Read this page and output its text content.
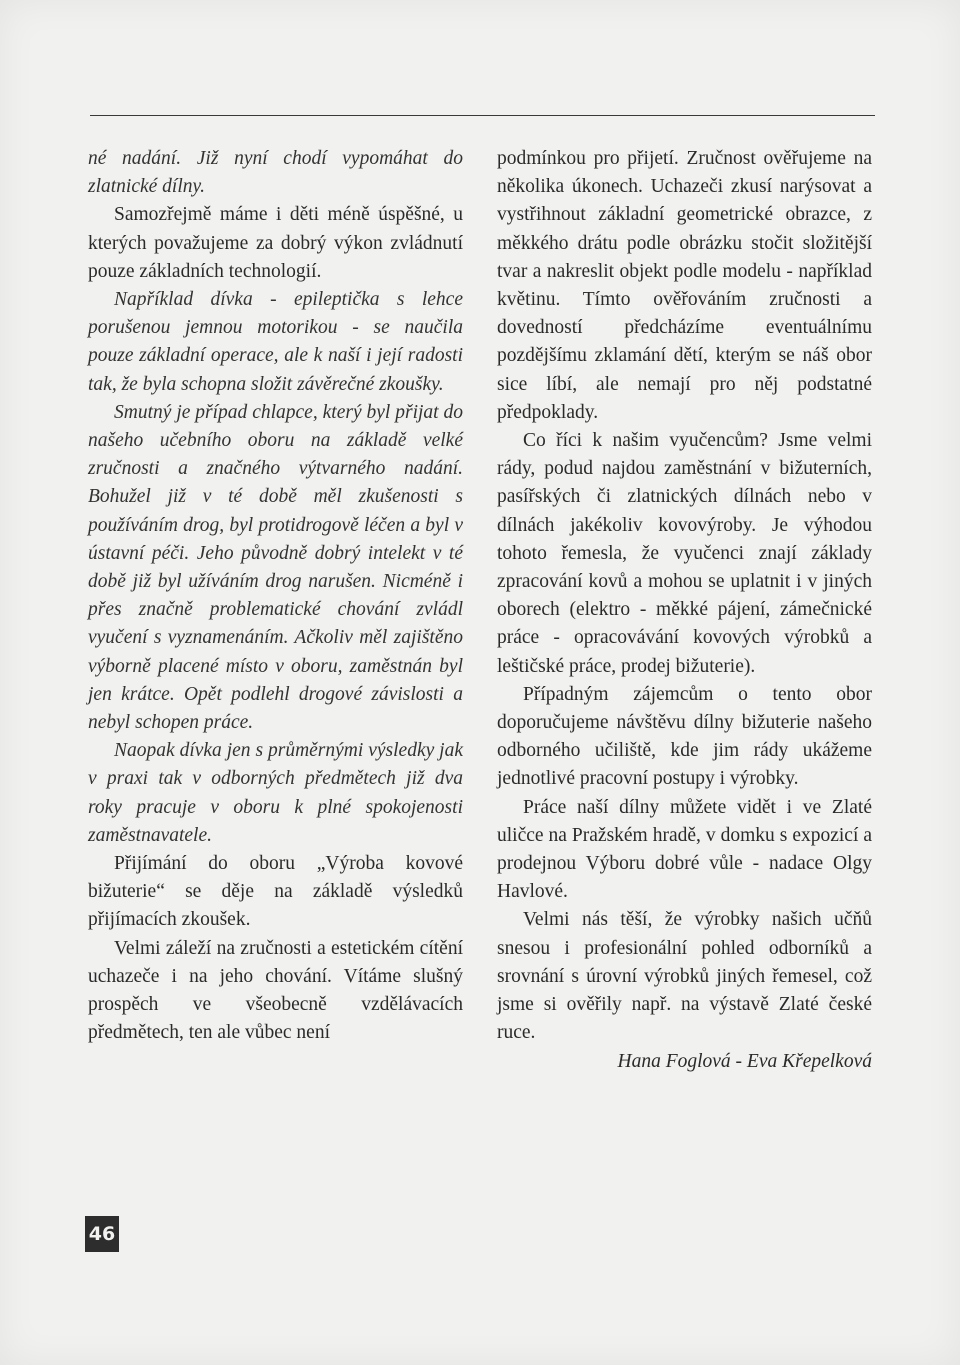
né nadání. Již nyní chodí vypomáhat do zlatnické dílny.

Samozřejmě máme i děti méně úspěšné, u kterých považujeme za dobrý výkon zvládnutí pouze základních technologií.

Například dívka - epileptička s lehce porušenou jemnou motorikou - se naučila pouze základní operace, ale k naší i její radosti tak, že byla schopna složit závěrečné zkoušky.

Smutný je případ chlapce, který byl přijat do našeho učebního oboru na základě velké zručnosti a značného výtvarného nadání. Bohužel již v té době měl zkušenosti s používáním drog, byl protidrogově léčen a byl v ústavní péči. Jeho původně dobrý intelekt v té době již byl užíváním drog narušen. Nicméně i přes značně problematické chování zvládl vyučení s vyznamenáním. Ačkoliv měl zajištěno výborně placené místo v oboru, zaměstnán byl jen krátce. Opět podlehl drogové závislosti a nebyl schopen práce.

Naopak dívka jen s průměrnými výsledky jak v praxi tak v odborných předmětech již dva roky pracuje v oboru k plné spokojenosti zaměstnavatele.

Přijímání do oboru „Výroba kovové bižuterie“ se děje na základě výsledků přijímacích zkoušek.

Velmi záleží na zručnosti a estetickém cítění uchazeče i na jeho chování. Vítáme slušný prospěch ve všeobecně vzdělávacích předmětech, ten ale vůbec není

podmínkou pro přijetí. Zručnost ověřujeme na několika úkonech. Uchazeči zkusí narýsovat a vystřihnout základní geometrické obrazce, z měkkého drátu podle obrázku stočit složitější tvar a nakreslit objekt podle modelu - například květinu. Tímto ověřováním zručnosti a dovedností předcházíme eventuálnímu pozdějšímu zklamání dětí, kterým se náš obor sice líbí, ale nemají pro něj podstatné předpoklady.

Co říci k našim vyučencům? Jsme velmi rády, podud najdou zaměstnání v bižuterních, pasířských či zlatnických dílnách nebo v dílnách jakékoliv kovovýroby. Je výhodou tohoto řemesla, že vyučenci znají základy zpracování kovů a mohou se uplatnit i v jiných oborech (elektro - měkké pájení, zámečnické práce - opracovávání kovových výrobků a leštičské práce, prodej bižuterie).

Případným zájemcům o tento obor doporučujeme návštěvu dílny bižuterie našeho odborného učiliště, kde jim rády ukážeme jednotlivé pracovní postupy i výrobky.

Práce naší dílny můžete vidět i ve Zlaté uličce na Pražském hradě, v domku s expozicí a prodejnou Výboru dobré vůle - nadace Olgy Havlové.

Velmi nás těší, že výrobky našich učňů snesou i profesionální pohled odborníků a srovnání s úrovní výrobků jiných řemesel, což jsme si ověřily např. na výstavě Zlaté české ruce.

Hana Foglová - Eva Křepelková

46
